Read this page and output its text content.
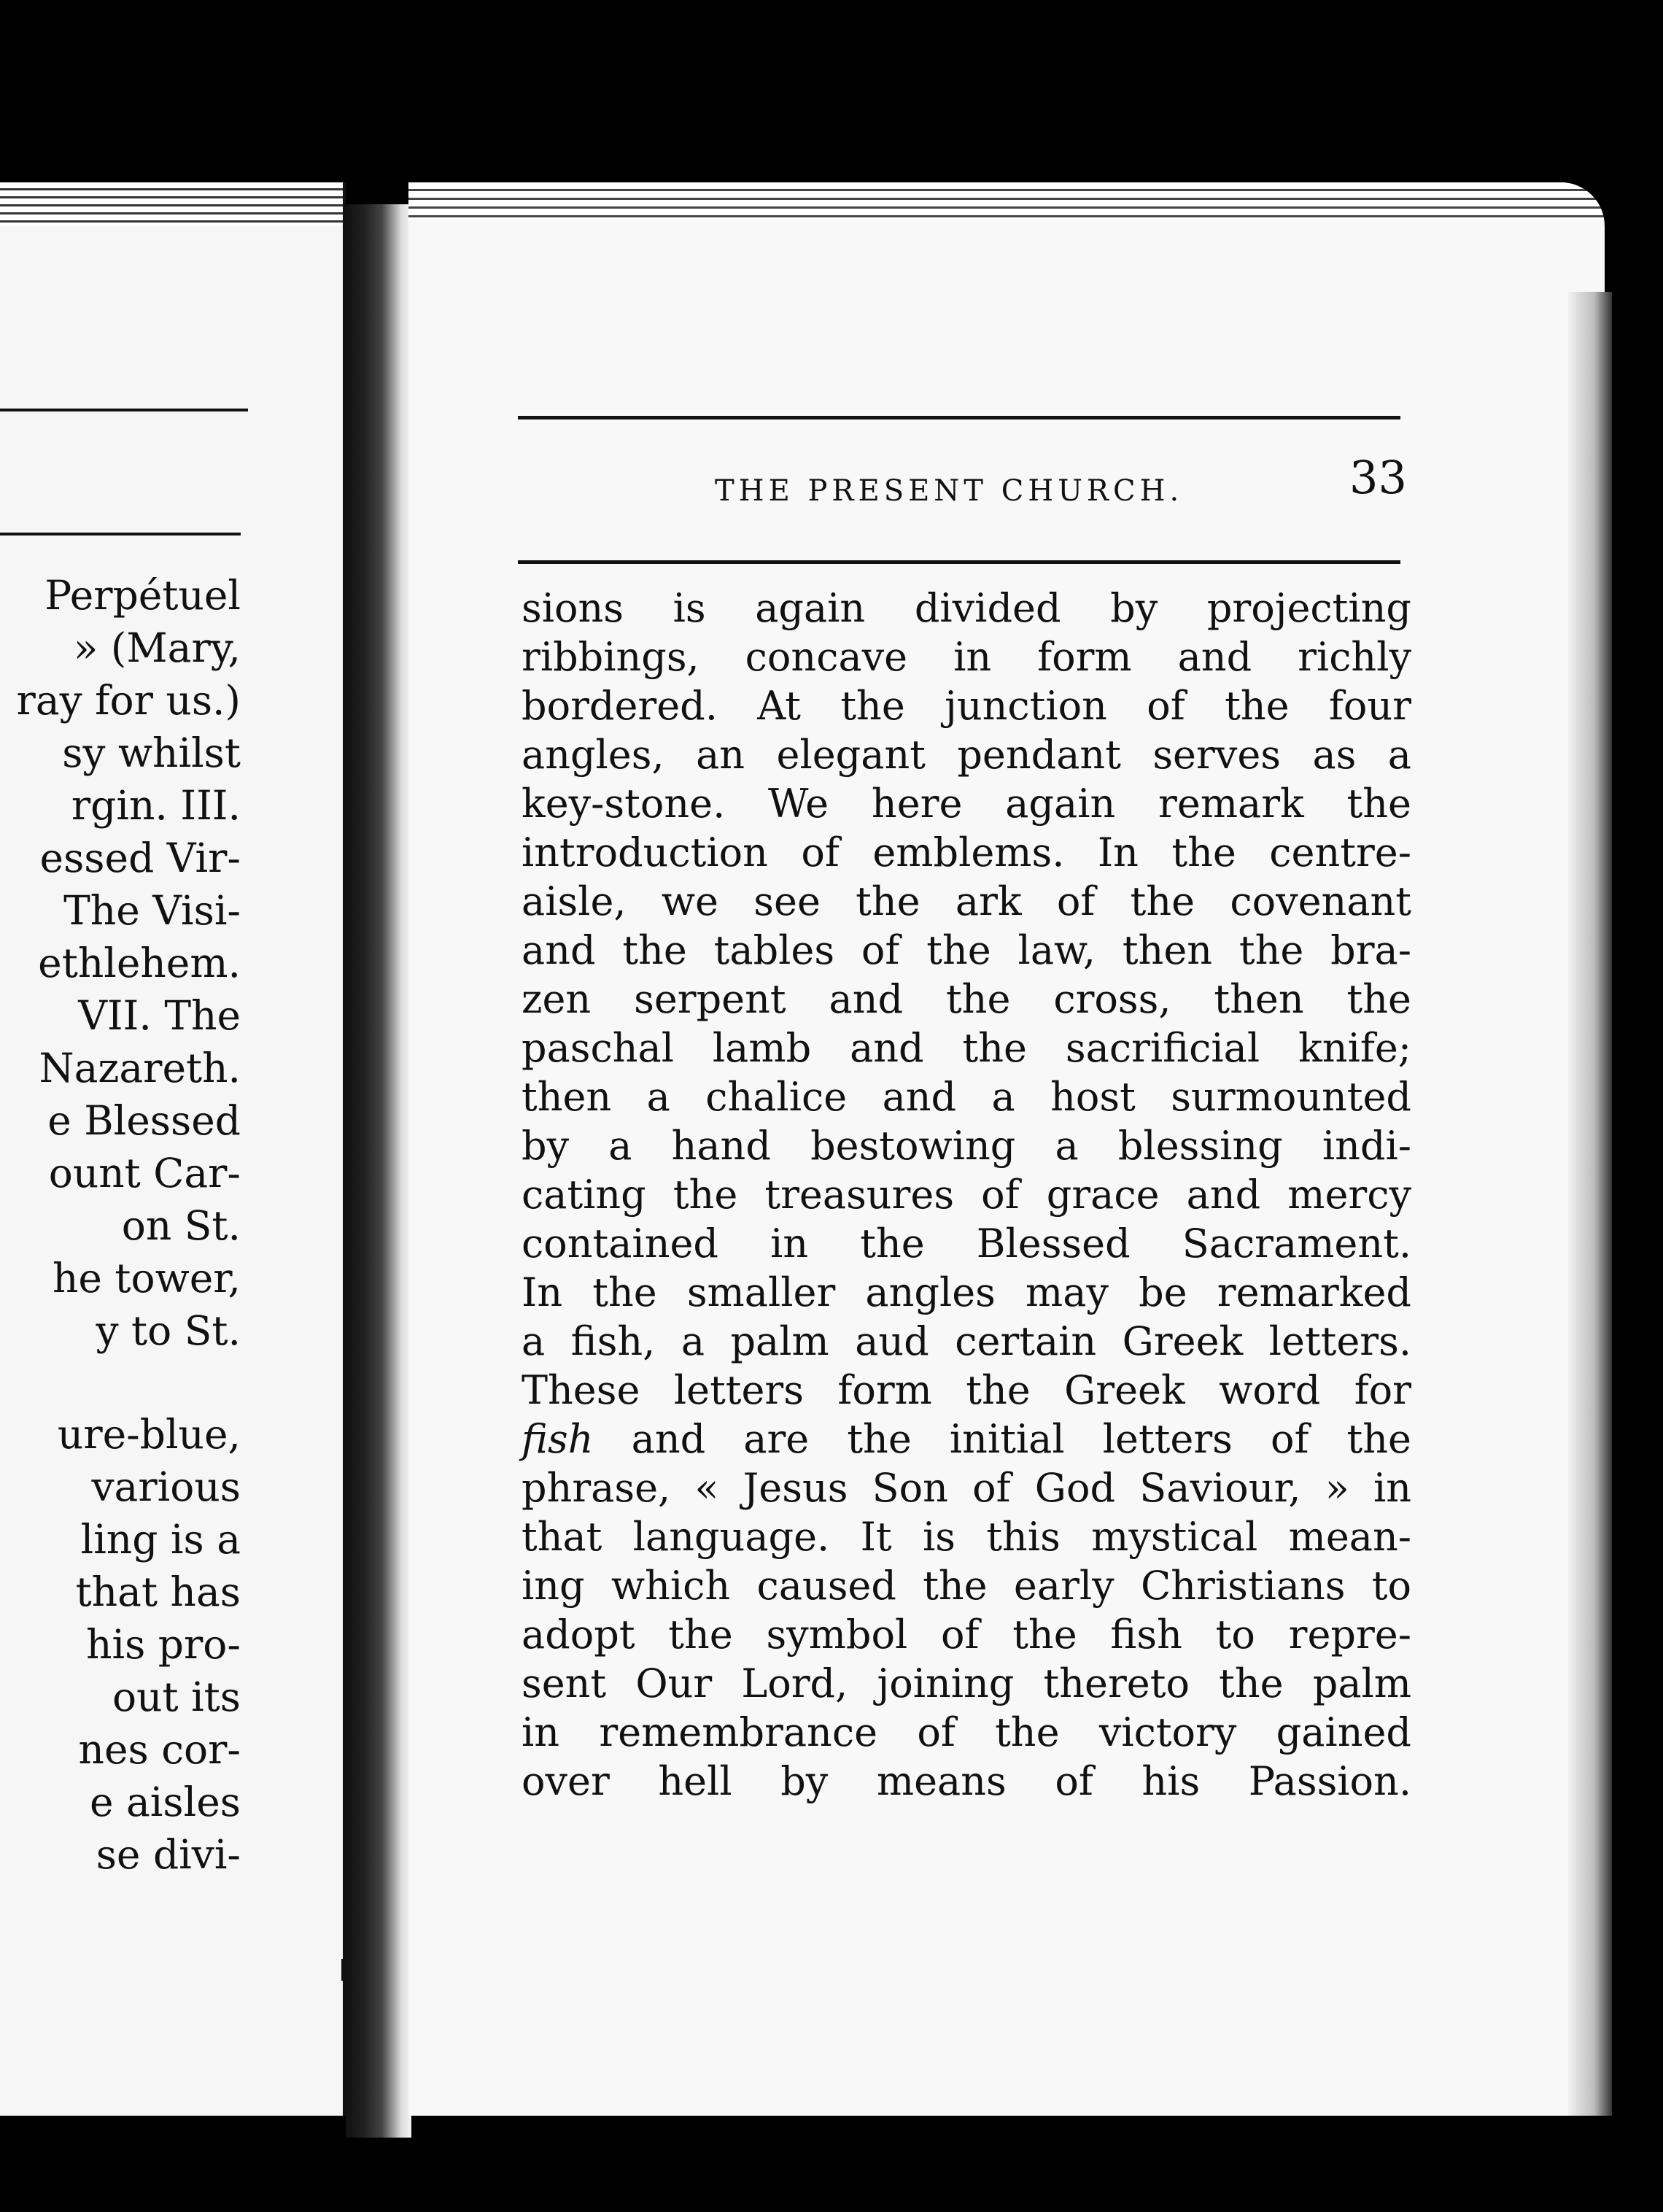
Perpétuel
» (Mary,
ray for us.)
sy whilst
rgin. III.
essed Vir-
The Visi-
ethlehem.
VII. The
Nazareth.
e Blessed
ount Car-
on St.
he tower,
y to St.
ure-blue,
various
ling is a
that has
his pro-
out its
nes cor-
e aisles
se divi-
THE PRESENT CHURCH.	33
sions is again divided by projecting
ribbings, concave in form and richly
bordered. At the junction of the four
angles, an elegant pendant serves as a
key-stone. We here again remark the
introduction of emblems. In the centre-
aisle, we see the ark of the covenant
and the tables of the law, then the bra-
zen serpent and the cross, then the
paschal lamb and the sacrificial knife;
then a chalice and a host surmounted
by a hand bestowing a blessing indi-
cating the treasures of grace and mercy
contained in the Blessed Sacrament.
In the smaller angles may be remarked
a fish, a palm aud certain Greek letters.
These letters form the Greek word for
fish and are the initial letters of the
phrase, « Jesus Son of God Saviour, » in
that language. It is this mystical mean-
ing which caused the early Christians to
adopt the symbol of the fish to repre-
sent Our Lord, joining thereto the palm
in remembrance of the victory gained
over hell by means of his Passion.
